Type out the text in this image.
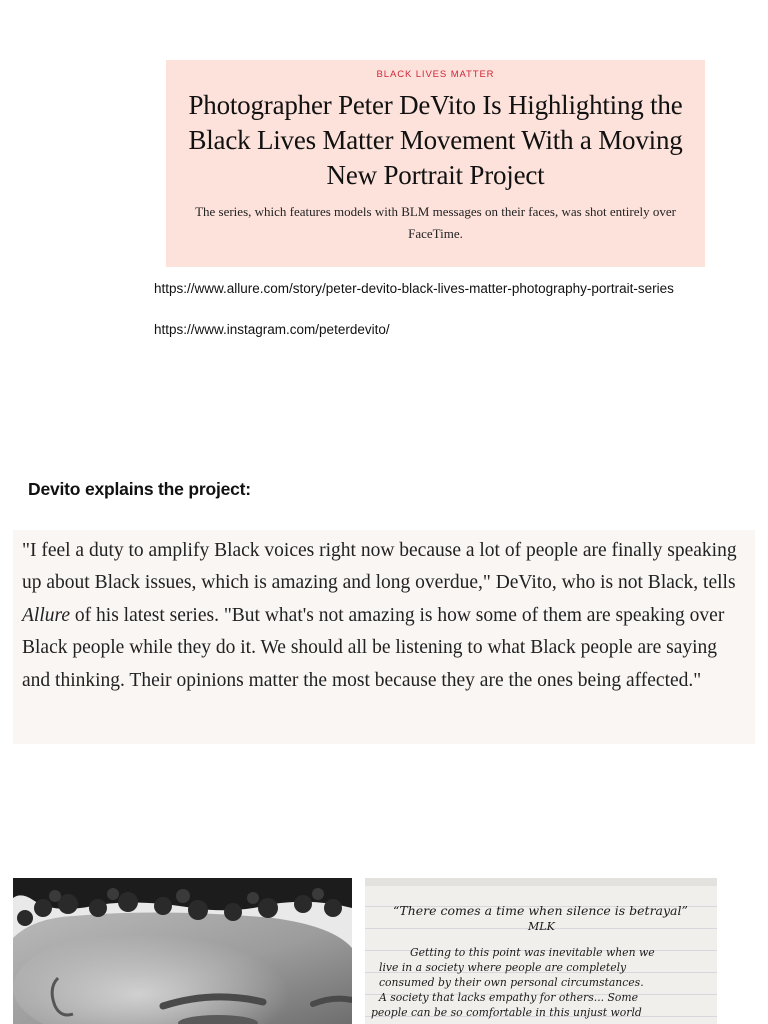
BLACK LIVES MATTER

Photographer Peter DeVito Is Highlighting the Black Lives Matter Movement With a Moving New Portrait Project

The series, which features models with BLM messages on their faces, was shot entirely over FaceTime.

https://www.allure.com/story/peter-devito-black-lives-matter-photography-portrait-series
https://www.instagram.com/peterdevito/
Devito explains the project:

"I feel a duty to amplify Black voices right now because a lot of people are finally speaking up about Black issues, which is amazing and long overdue," DeVito, who is not Black, tells Allure of his latest series. "But what's not amazing is how some of them are speaking over Black people while they do it. We should all be listening to what Black people are saying and thinking. Their opinions matter the most because they are the ones being affected."

“There comes a time when silence is betrayal”
MLK
Getting to this point was inevitable when we
live in a society where people are completely
consumed by their own personal circumstances.
A society that lacks empathy for others... Some
people can be so comfortable in this unjust world
